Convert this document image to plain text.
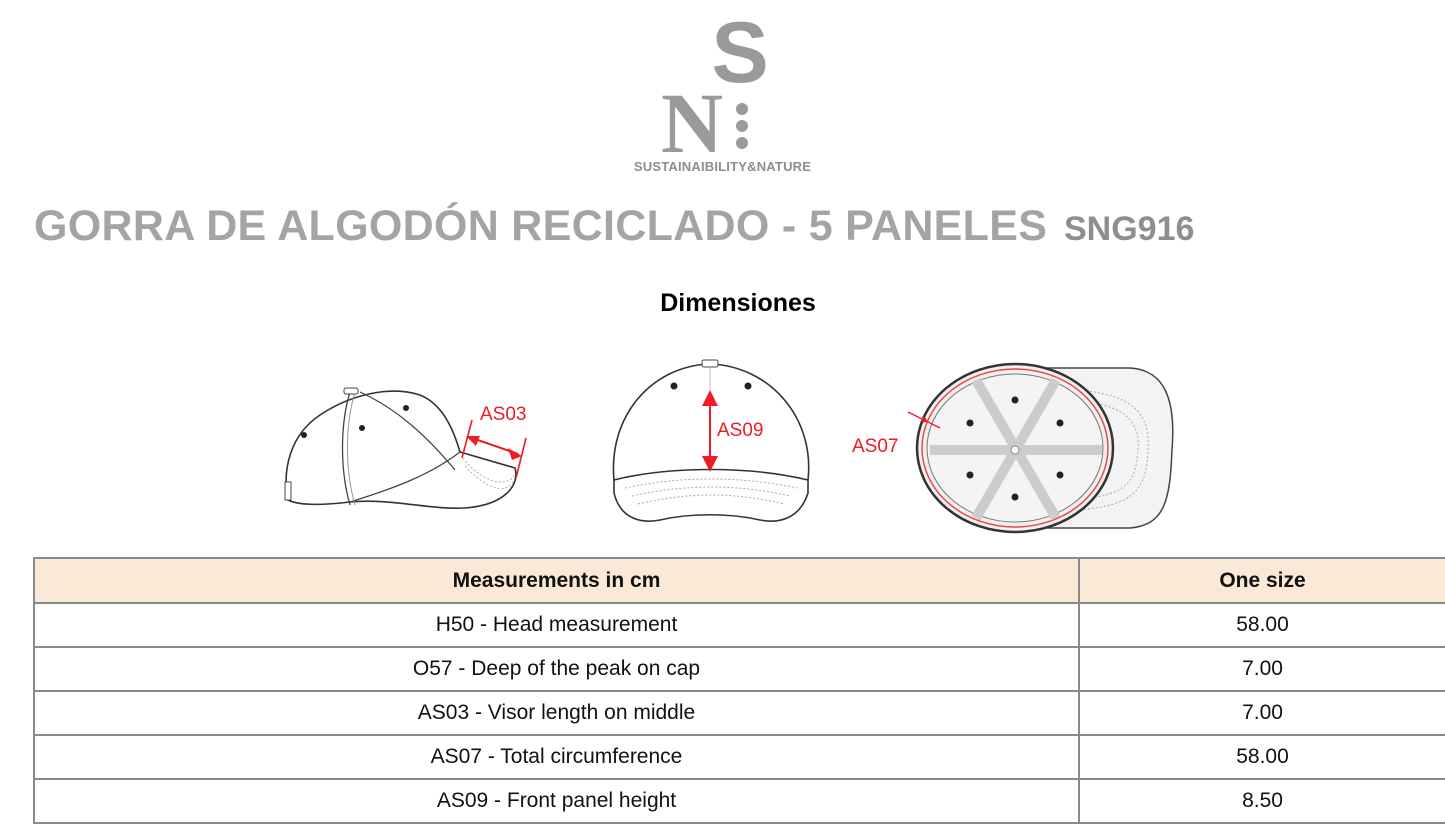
S
N
SUSTAINAIBILITY&NATURE
GORRA DE ALGODÓN RECICLADO - 5 PANELES SNG916
Dimensiones
AS03
AS09
AS07
Measurements in cm	One size
H50 - Head measurement	58.00
O57 - Deep of the peak on cap	7.00
AS03 - Visor length on middle	7.00
AS07 - Total circumference	58.00
AS09 - Front panel height	8.50
